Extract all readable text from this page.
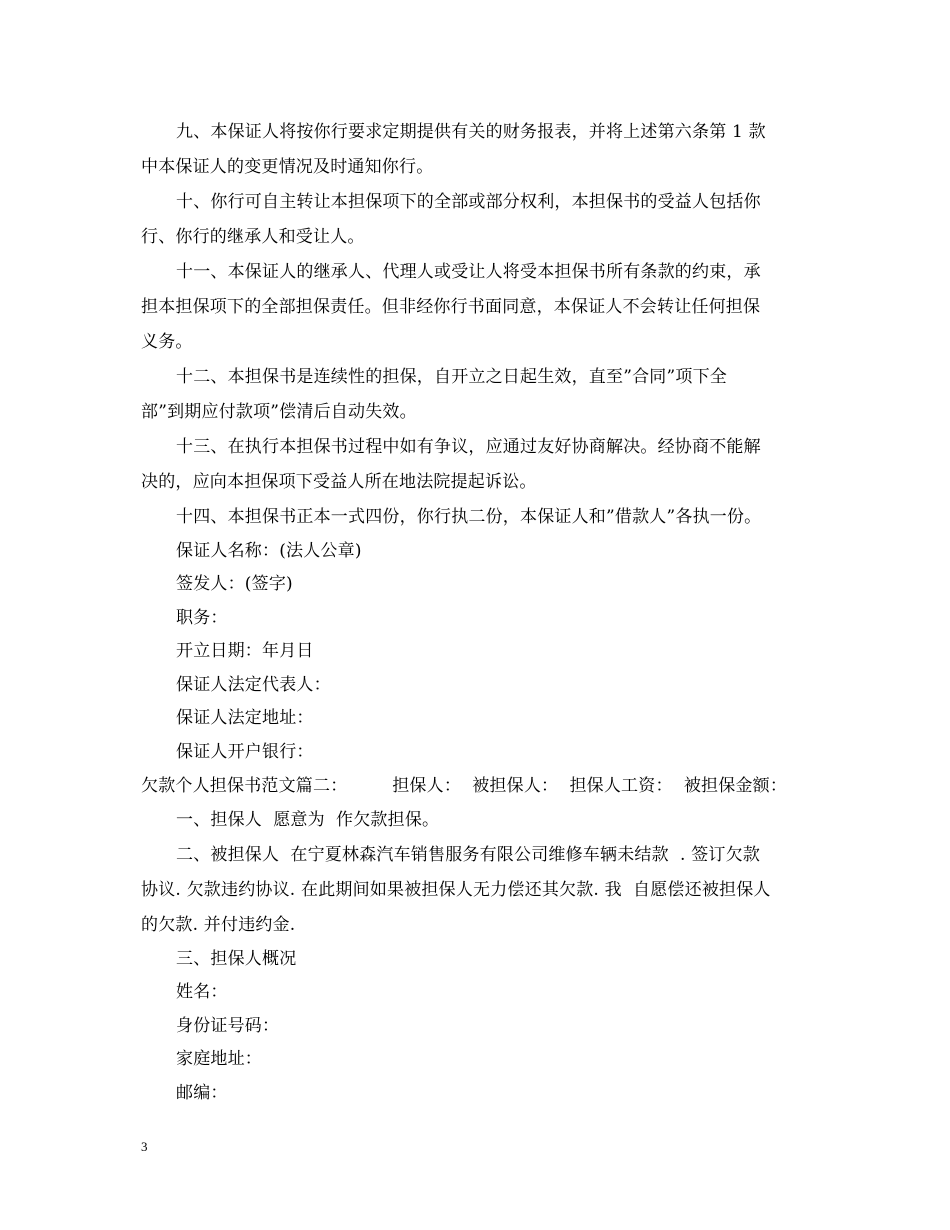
九、本保证人将按你行要求定期提供有关的财务报表，并将上述第六条第 1 款
中本保证人的变更情况及时通知你行。
十、你行可自主转让本担保项下的全部或部分权利，本担保书的受益人包括你
行、你行的继承人和受让人。
十一、本保证人的继承人、代理人或受让人将受本担保书所有条款的约束，承
担本担保项下的全部担保责任。但非经你行书面同意，本保证人不会转让任何担保
义务。
十二、本担保书是连续性的担保，自开立之日起生效，直至”合同”项下全
部”到期应付款项”偿清后自动失效。
十三、在执行本担保书过程中如有争议，应通过友好协商解决。经协商不能解
决的，应向本担保项下受益人所在地法院提起诉讼。
十四、本担保书正本一式四份，你行执二份，本保证人和”借款人”各执一份。
保证人名称：(法人公章)
签发人：(签字)
职务：
开立日期：年月日
保证人法定代表人：
保证人法定地址：
保证人开户银行：
欠款个人担保书范文篇二：        担保人：  被担保人：  担保人工资：  被担保金额：
一、担保人  愿意为  作欠款担保。
二、被担保人  在宁夏林森汽车销售服务有限公司维修车辆未结款  . 签订欠款
协议. 欠款违约协议. 在此期间如果被担保人无力偿还其欠款. 我  自愿偿还被担保人
的欠款. 并付违约金.
三、担保人概况
姓名：
身份证号码：
家庭地址：
邮编：
3
